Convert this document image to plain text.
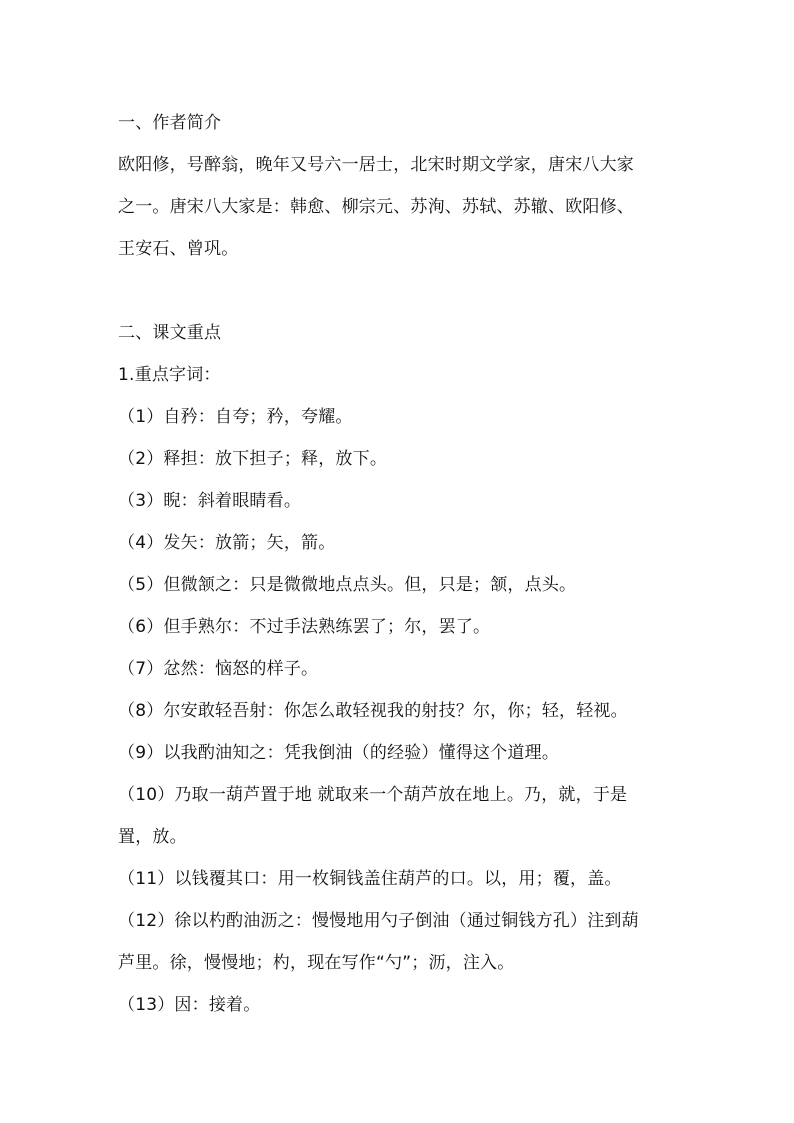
一、作者简介
欧阳修，号醉翁，晚年又号六一居士，北宋时期文学家，唐宋八大家
之一。唐宋八大家是：韩愈、柳宗元、苏洵、苏轼、苏辙、欧阳修、
王安石、曾巩。
二、课文重点
1.重点字词：
（1）自矜：自夸；矜，夸耀。
（2）释担：放下担子；释，放下。
（3）睨：斜着眼睛看。
（4）发矢：放箭；矢，箭。
（5）但微颔之：只是微微地点点头。但，只是；颔，点头。
（6）但手熟尔：不过手法熟练罢了；尔，罢了。
（7）忿然：恼怒的样子。
（8）尔安敢轻吾射：你怎么敢轻视我的射技？尔，你；轻，轻视。
（9）以我酌油知之：凭我倒油（的经验）懂得这个道理。
（10）乃取一葫芦置于地 就取来一个葫芦放在地上。乃，就，于是
置，放。
（11）以钱覆其口：用一枚铜钱盖住葫芦的口。以，用；覆，盖。
（12）徐以杓酌油沥之：慢慢地用勺子倒油（通过铜钱方孔）注到葫
芦里。徐，慢慢地；杓，现在写作“勺”；沥，注入。
（13）因：接着。
